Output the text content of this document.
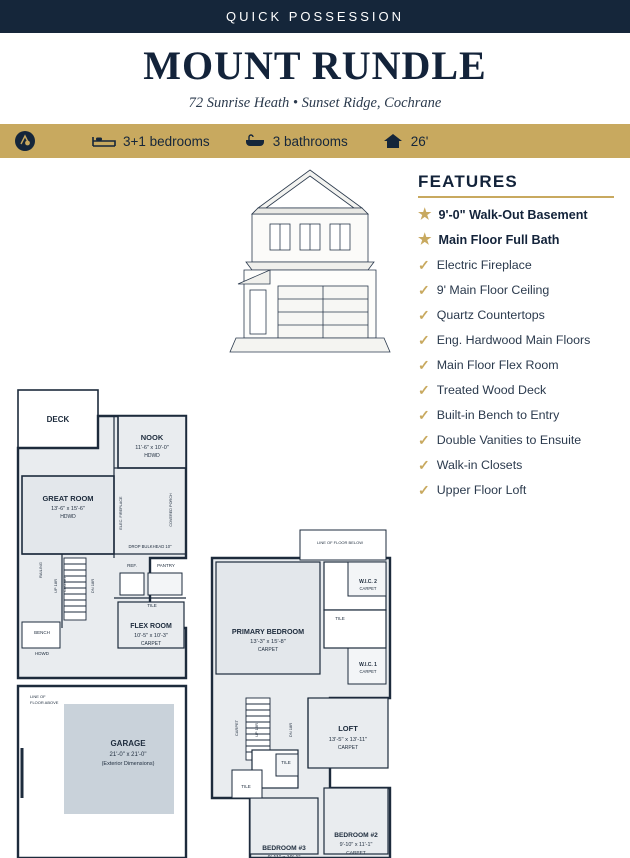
QUICK POSSESSION
MOUNT RUNDLE
72 Sunrise Heath • Sunset Ridge, Cochrane
3+1 bedrooms	3 bathrooms	26'
FEATURES
★ 9'-0" Walk-Out Basement
★ Main Floor Full Bath
✓ Electric Fireplace
✓ 9' Main Floor Ceiling
✓ Quartz Countertops
✓ Eng. Hardwood Main Floors
✓ Main Floor Flex Room
✓ Treated Wood Deck
✓ Built-in Bench to Entry
✓ Double Vanities to Ensuite
✓ Walk-in Closets
✓ Upper Floor Loft
DECK
NOOK
11'-6" x 10'-0"
HDWD
GREAT ROOM
13'-6" x 15'-6"
HDWD
FLEX ROOM
10'-5" x 10'-3"
CARPET
GARAGE
21'-0" x 21'-0"
(Exterior Dimensions)
REF.	PANTRY
TILE
DROP BULKHEAD 10"
HDWD
BENCH
LINE OF
FLOOR ABOVE
RAILING
UP 18R	DN 18R
CLOSET
ELEC. FIREPLACE	COVERED PORCH
PRIMARY BEDROOM
13'-3" x 15'-8"
CARPET
LOFT
13'-5" x 13'-11"
CARPET
BEDROOM #2
9'-10" x 11'-1"
CARPET
BEDROOM #3
9'-11" x 10'-1"
W.I.C. 2
CARPET
W.I.C. 1
CARPET
TILE
TILE
TILE
LINE OF FLOOR BELOW
CARPET	UP 18R	DN 18R
